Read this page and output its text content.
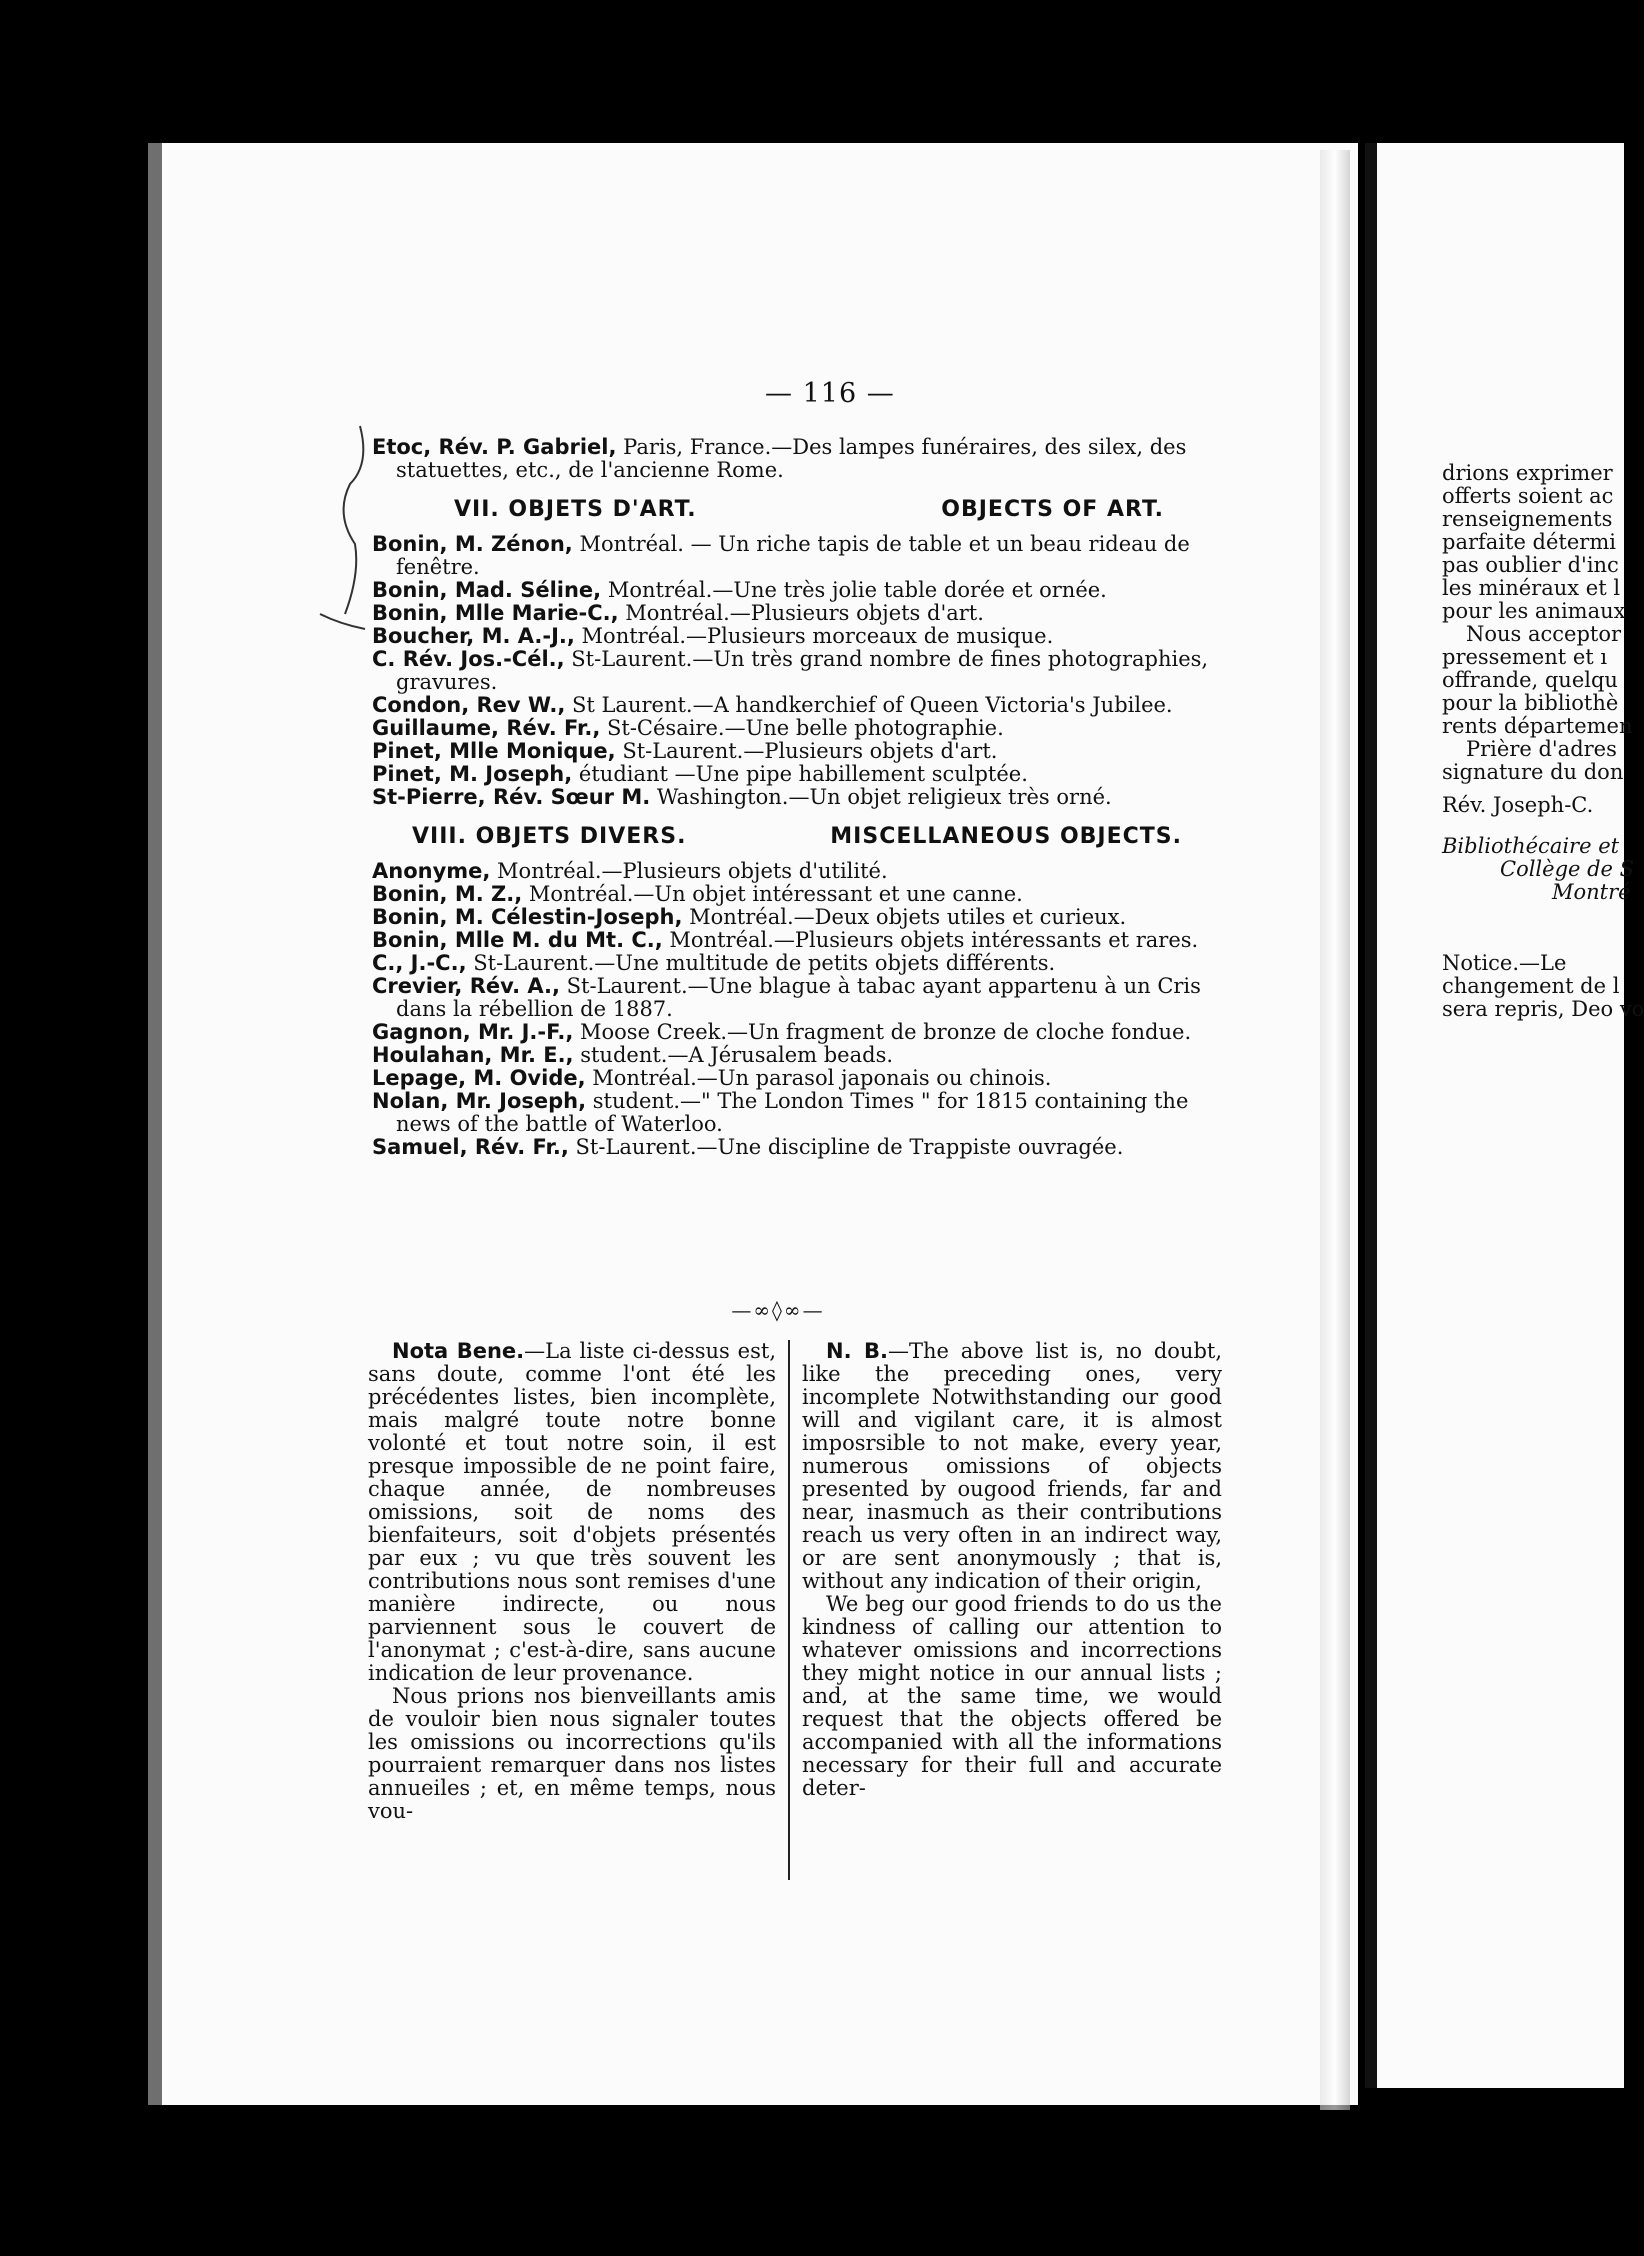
— 116 —

Etoc, Rév. P. Gabriel, Paris, France.—Des lampes funéraires, des silex, des statuettes, etc., de l'ancienne Rome.

VII. OBJETS D'ART.	OBJECTS OF ART.

Bonin, M. Zénon, Montréal. — Un riche tapis de table et un beau rideau de fenêtre.

Bonin, Mad. Séline, Montréal.—Une très jolie table dorée et ornée.

Bonin, Mlle Marie-C., Montréal.—Plusieurs objets d'art.

Boucher, M. A.-J., Montréal.—Plusieurs morceaux de musique.

C. Rév. Jos.-Cél., St-Laurent.—Un très grand nombre de fines photographies, gravures.

Condon, Rev W., St Laurent.—A handkerchief of Queen Victoria's Jubilee.

Guillaume, Rév. Fr., St-Césaire.—Une belle photographie.

Pinet, Mlle Monique, St-Laurent.—Plusieurs objets d'art.

Pinet, M. Joseph, étudiant —Une pipe habillement sculptée.

St-Pierre, Rév. Sœur M. Washington.—Un objet religieux très orné.

VIII. OBJETS DIVERS.	MISCELLANEOUS OBJECTS.

Anonyme, Montréal.—Plusieurs objets d'utilité.

Bonin, M. Z., Montréal.—Un objet intéressant et une canne.

Bonin, M. Célestin-Joseph, Montréal.—Deux objets utiles et curieux.

Bonin, Mlle M. du Mt. C., Montréal.—Plusieurs objets intéressants et rares.

C., J.-C., St-Laurent.—Une multitude de petits objets différents.

Crevier, Rév. A., St-Laurent.—Une blague à tabac ayant appartenu à un Cris dans la rébellion de 1887.

Gagnon, Mr. J.-F., Moose Creek.—Un fragment de bronze de cloche fondue.

Houlahan, Mr. E., student.—A Jérusalem beads.

Lepage, M. Ovide, Montréal.—Un parasol japonais ou chinois.

Nolan, Mr. Joseph, student.—" The London Times " for 1815 containing the news of the battle of Waterloo.

Samuel, Rév. Fr., St-Laurent.—Une discipline de Trappiste ouvragée.

—∞◊∞—

Nota Bene.—La liste ci-dessus est, sans doute, comme l'ont été les précédentes listes, bien incomplète, mais malgré toute notre bonne volonté et tout notre soin, il est presque impossible de ne point faire, chaque année, de nombreuses omissions, soit de noms des bienfaiteurs, soit d'objets présentés par eux ; vu que très souvent les contributions nous sont remises d'une manière indirecte, ou nous parviennent sous le couvert de l'anonymat ; c'est-à-dire, sans aucune indication de leur provenance.

Nous prions nos bienveillants amis de vouloir bien nous signaler toutes les omissions ou incorrections qu'ils pourraient remarquer dans nos listes annueiles ; et, en même temps, nous vou-

N. B.—The above list is, no doubt, like the preceding ones, very incomplete Notwithstanding our good will and vigilant care, it is almost imposrsible to not make, every year, numerous omissions of objects presented by ougood friends, far and near, inasmuch as their contributions reach us very often in an indirect way, or are sent anonymously ; that is, without any indication of their origin,

We beg our good friends to do us the kindness of calling our attention to whatever omissions and incorrections they might notice in our annual lists ; and, at the same time, we would request that the objects offered be accompanied with all the informations necessary for their full and accurate deter-

drions exprimer

offerts soient ac

renseignements

parfaite détermi

pas oublier d'inc

les minéraux et l

pour les animaux

Nous acceptor

pressement et ı

offrande, quelqu

pour la bibliothè

rents départemen

Prière d'adres

signature du don

Rév. Joseph-C.

Bibliothécaire et

Collège de S

Montré

Notice.—Le

changement de l

sera repris, Deo vo
